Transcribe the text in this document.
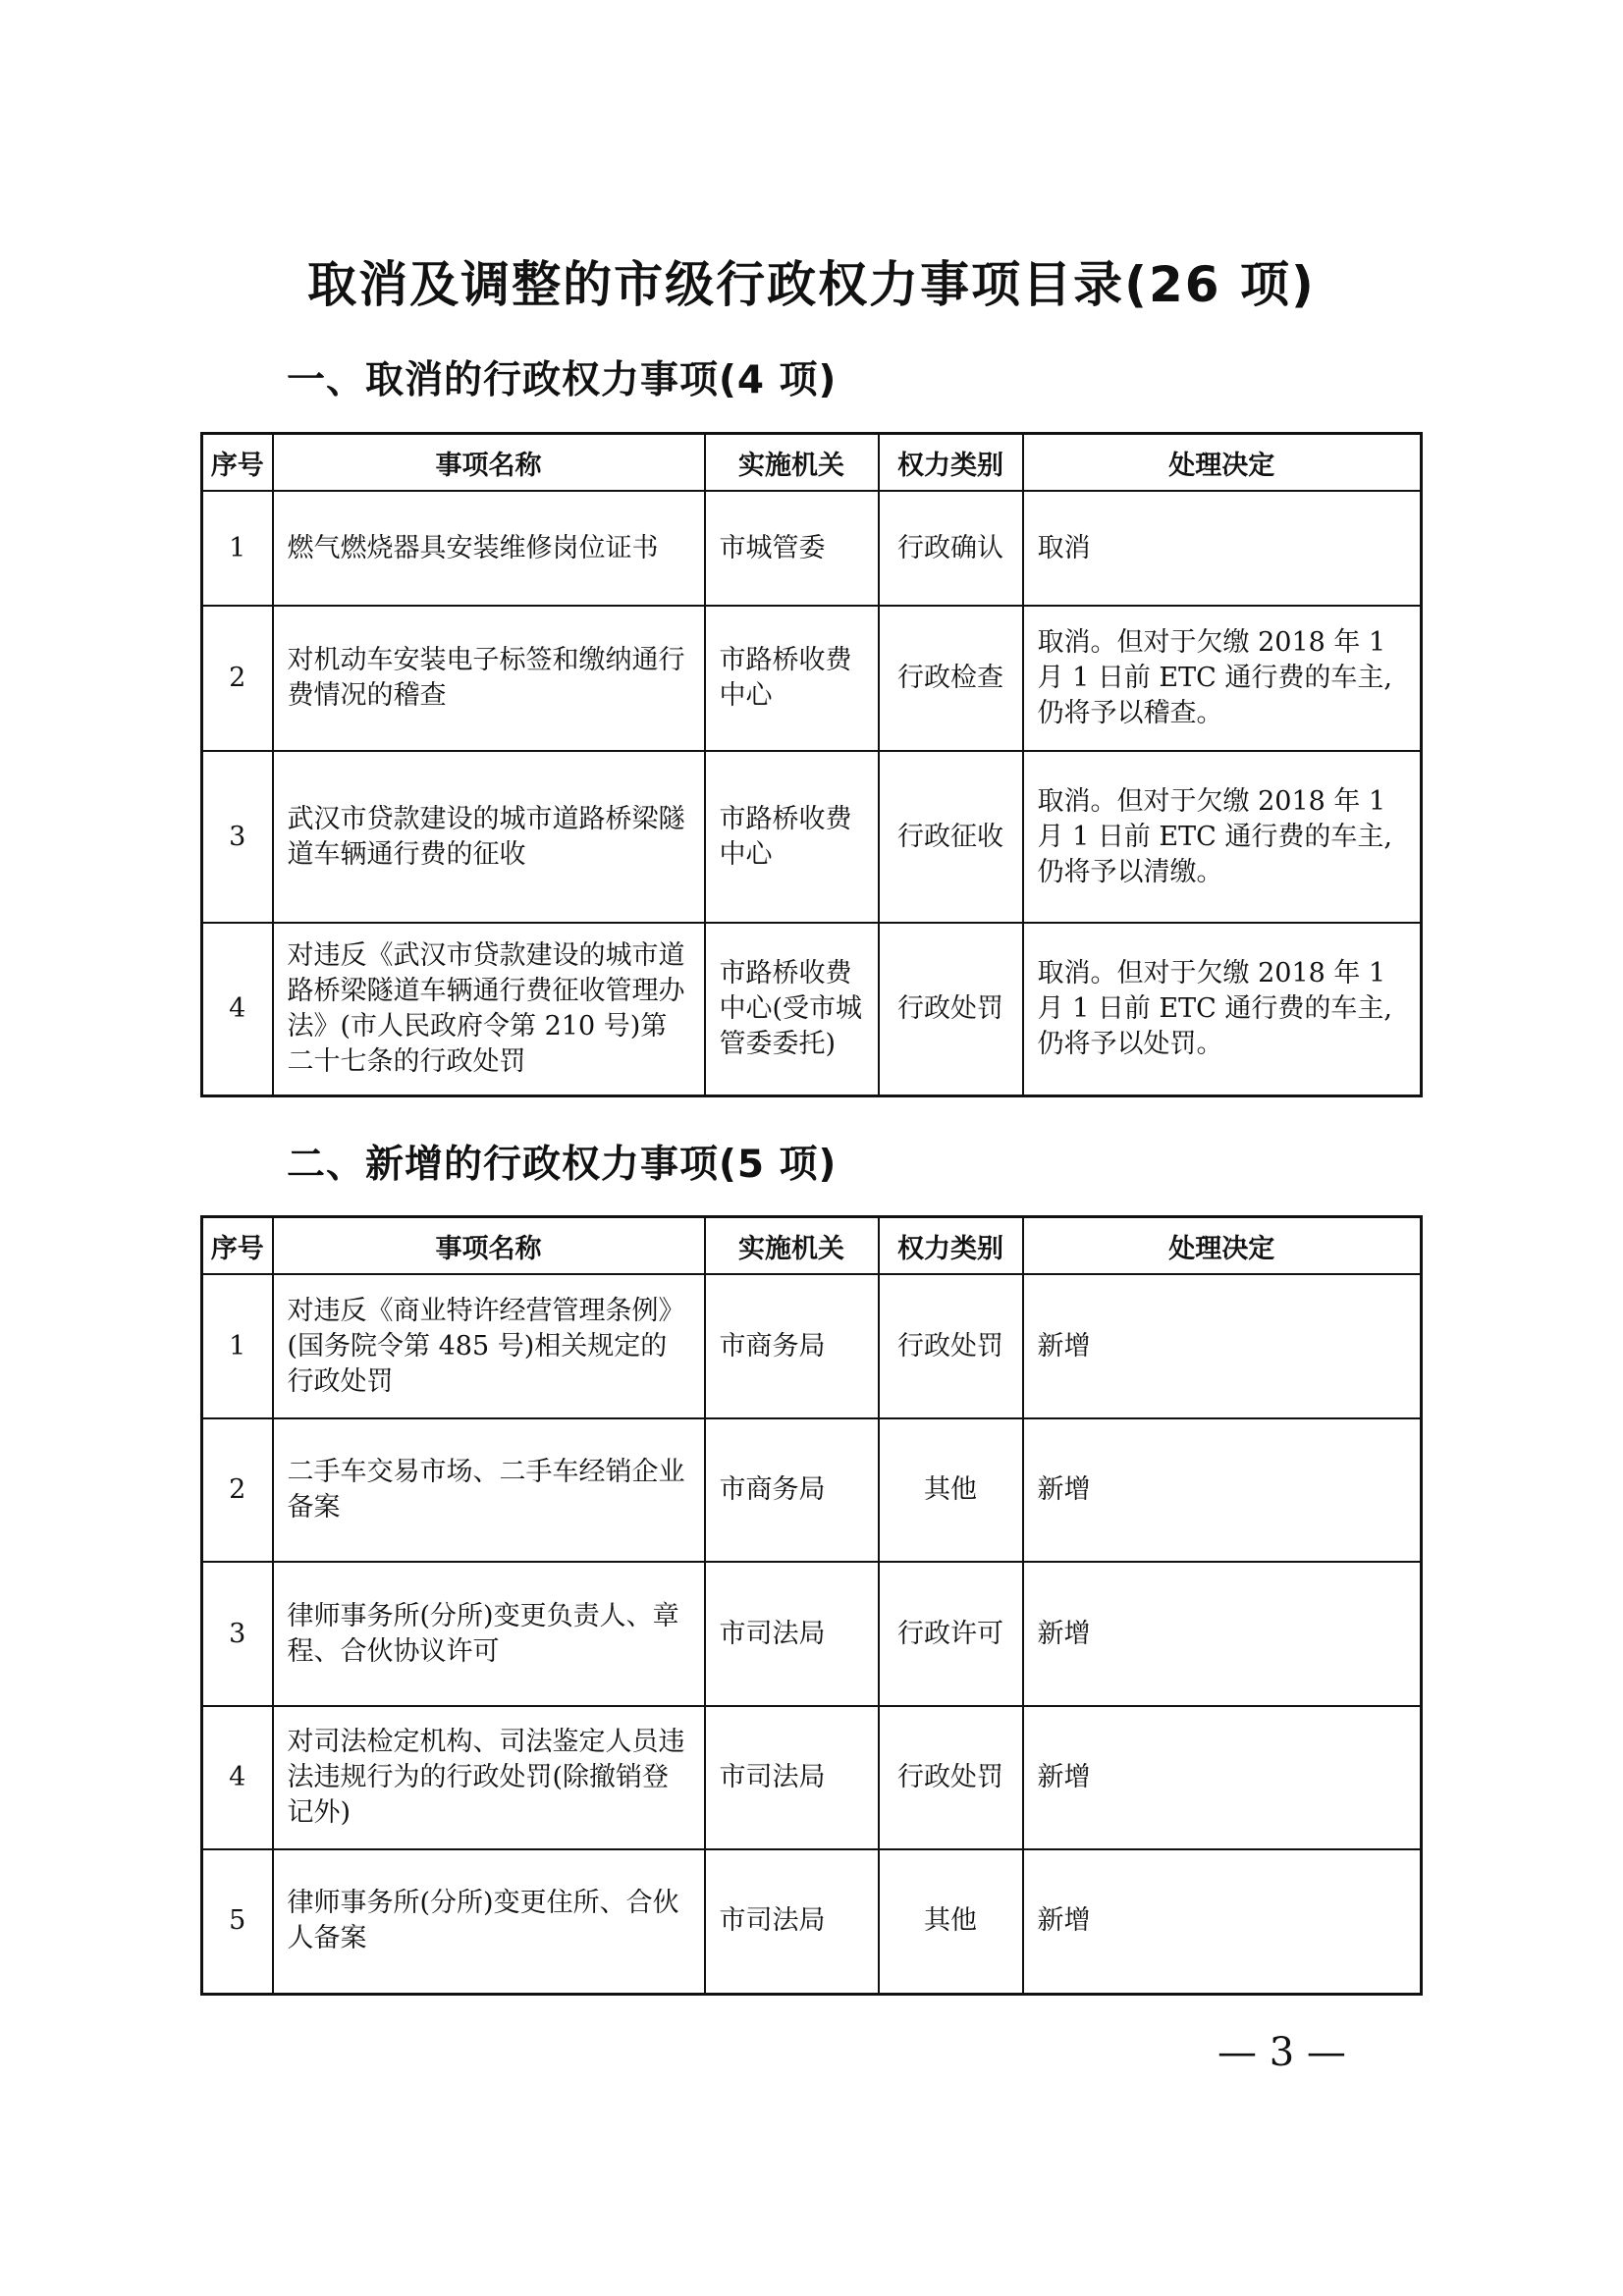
取消及调整的市级行政权力事项目录(26 项)
一、取消的行政权力事项(4 项)
序号	事项名称	实施机关	权力类别	处理决定
1	燃气燃烧器具安装维修岗位证书	市城管委	行政确认	取消
2	对机动车安装电子标签和缴纳通行费情况的稽查	市路桥收费中心	行政检查	取消。但对于欠缴 2018 年 1 月 1 日前 ETC 通行费的车主,仍将予以稽查。
3	武汉市贷款建设的城市道路桥梁隧道车辆通行费的征收	市路桥收费中心	行政征收	取消。但对于欠缴 2018 年 1 月 1 日前 ETC 通行费的车主,仍将予以清缴。
4	对违反《武汉市贷款建设的城市道路桥梁隧道车辆通行费征收管理办法》(市人民政府令第 210 号)第二十七条的行政处罚	市路桥收费中心(受市城管委委托)	行政处罚	取消。但对于欠缴 2018 年 1 月 1 日前 ETC 通行费的车主,仍将予以处罚。
二、新增的行政权力事项(5 项)
序号	事项名称	实施机关	权力类别	处理决定
1	对违反《商业特许经营管理条例》(国务院令第 485 号)相关规定的行政处罚	市商务局	行政处罚	新增
2	二手车交易市场、二手车经销企业备案	市商务局	其他	新增
3	律师事务所(分所)变更负责人、章程、合伙协议许可	市司法局	行政许可	新增
4	对司法检定机构、司法鉴定人员违法违规行为的行政处罚(除撤销登记外)	市司法局	行政处罚	新增
5	律师事务所(分所)变更住所、合伙人备案	市司法局	其他	新增
— 3 —
